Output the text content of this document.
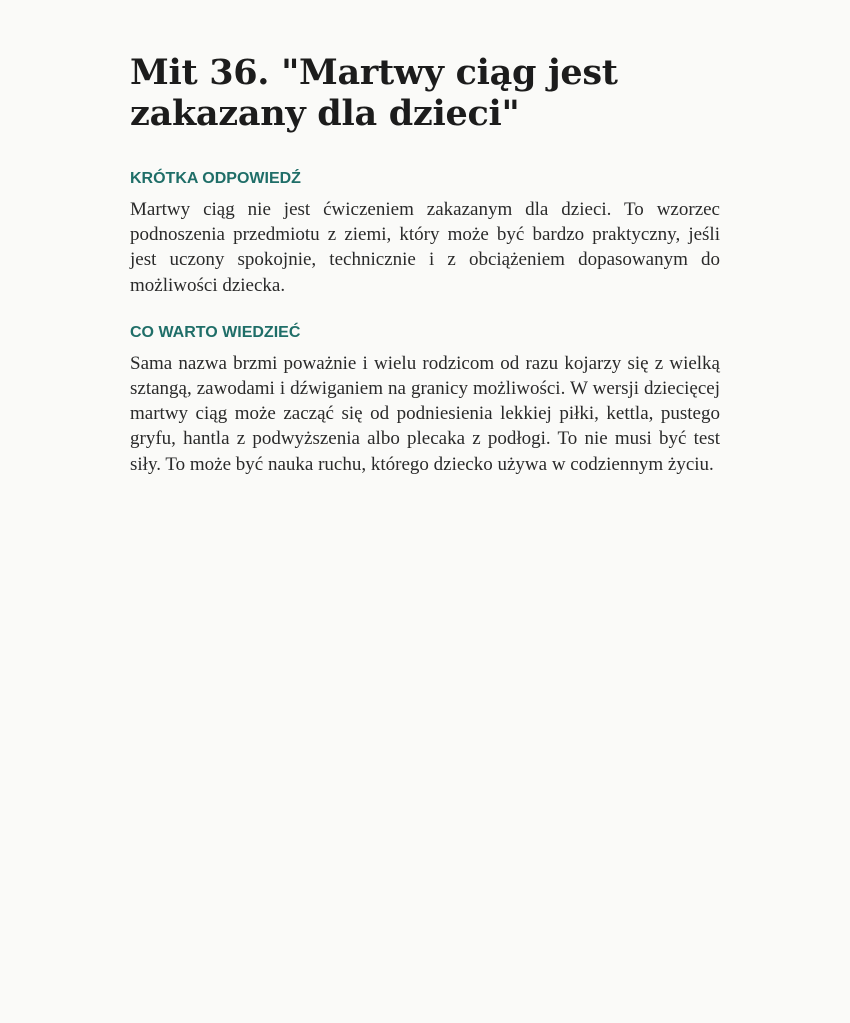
Mit 36. "Martwy ciąg jest zakazany dla dzieci"
KRÓTKA ODPOWIEDŹ

Martwy ciąg nie jest ćwiczeniem zakazanym dla dzieci. To wzorzec podnoszenia przedmiotu z ziemi, który może być bardzo praktyczny, jeśli jest uczony spokojnie, technicznie i z obciążeniem dopasowanym do możliwości dziecka.

CO WARTO WIEDZIEĆ

Sama nazwa brzmi poważnie i wielu rodzicom od razu kojarzy się z wielką sztangą, zawodami i dźwiganiem na granicy możliwości. W wersji dziecięcej martwy ciąg może zacząć się od podniesienia lekkiej piłki, kettla, pustego gryfu, hantla z podwyższenia albo plecaka z podłogi. To nie musi być test siły. To może być nauka ruchu, którego dziecko używa w codziennym życiu.
